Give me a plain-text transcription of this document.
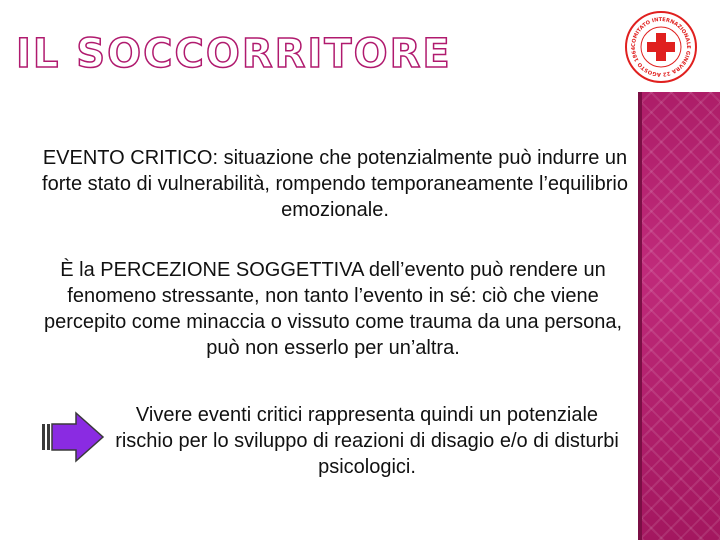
COMITATO INTERNAZIONALE GINEVRA 22 AGOSTO 1864
IL SOCCORRITORE

EVENTO CRITICO: situazione che potenzialmente può indurre un forte stato di vulnerabilità, rompendo temporaneamente l’equilibrio emozionale.

È la PERCEZIONE SOGGETTIVA dell’evento può rendere un fenomeno stressante, non tanto l’evento in sé: ciò che viene percepito come minaccia o vissuto come trauma da una persona, può non esserlo per un’altra.

Vivere eventi critici rappresenta quindi un potenziale rischio per lo sviluppo di reazioni di disagio e/o di disturbi psicologici.
